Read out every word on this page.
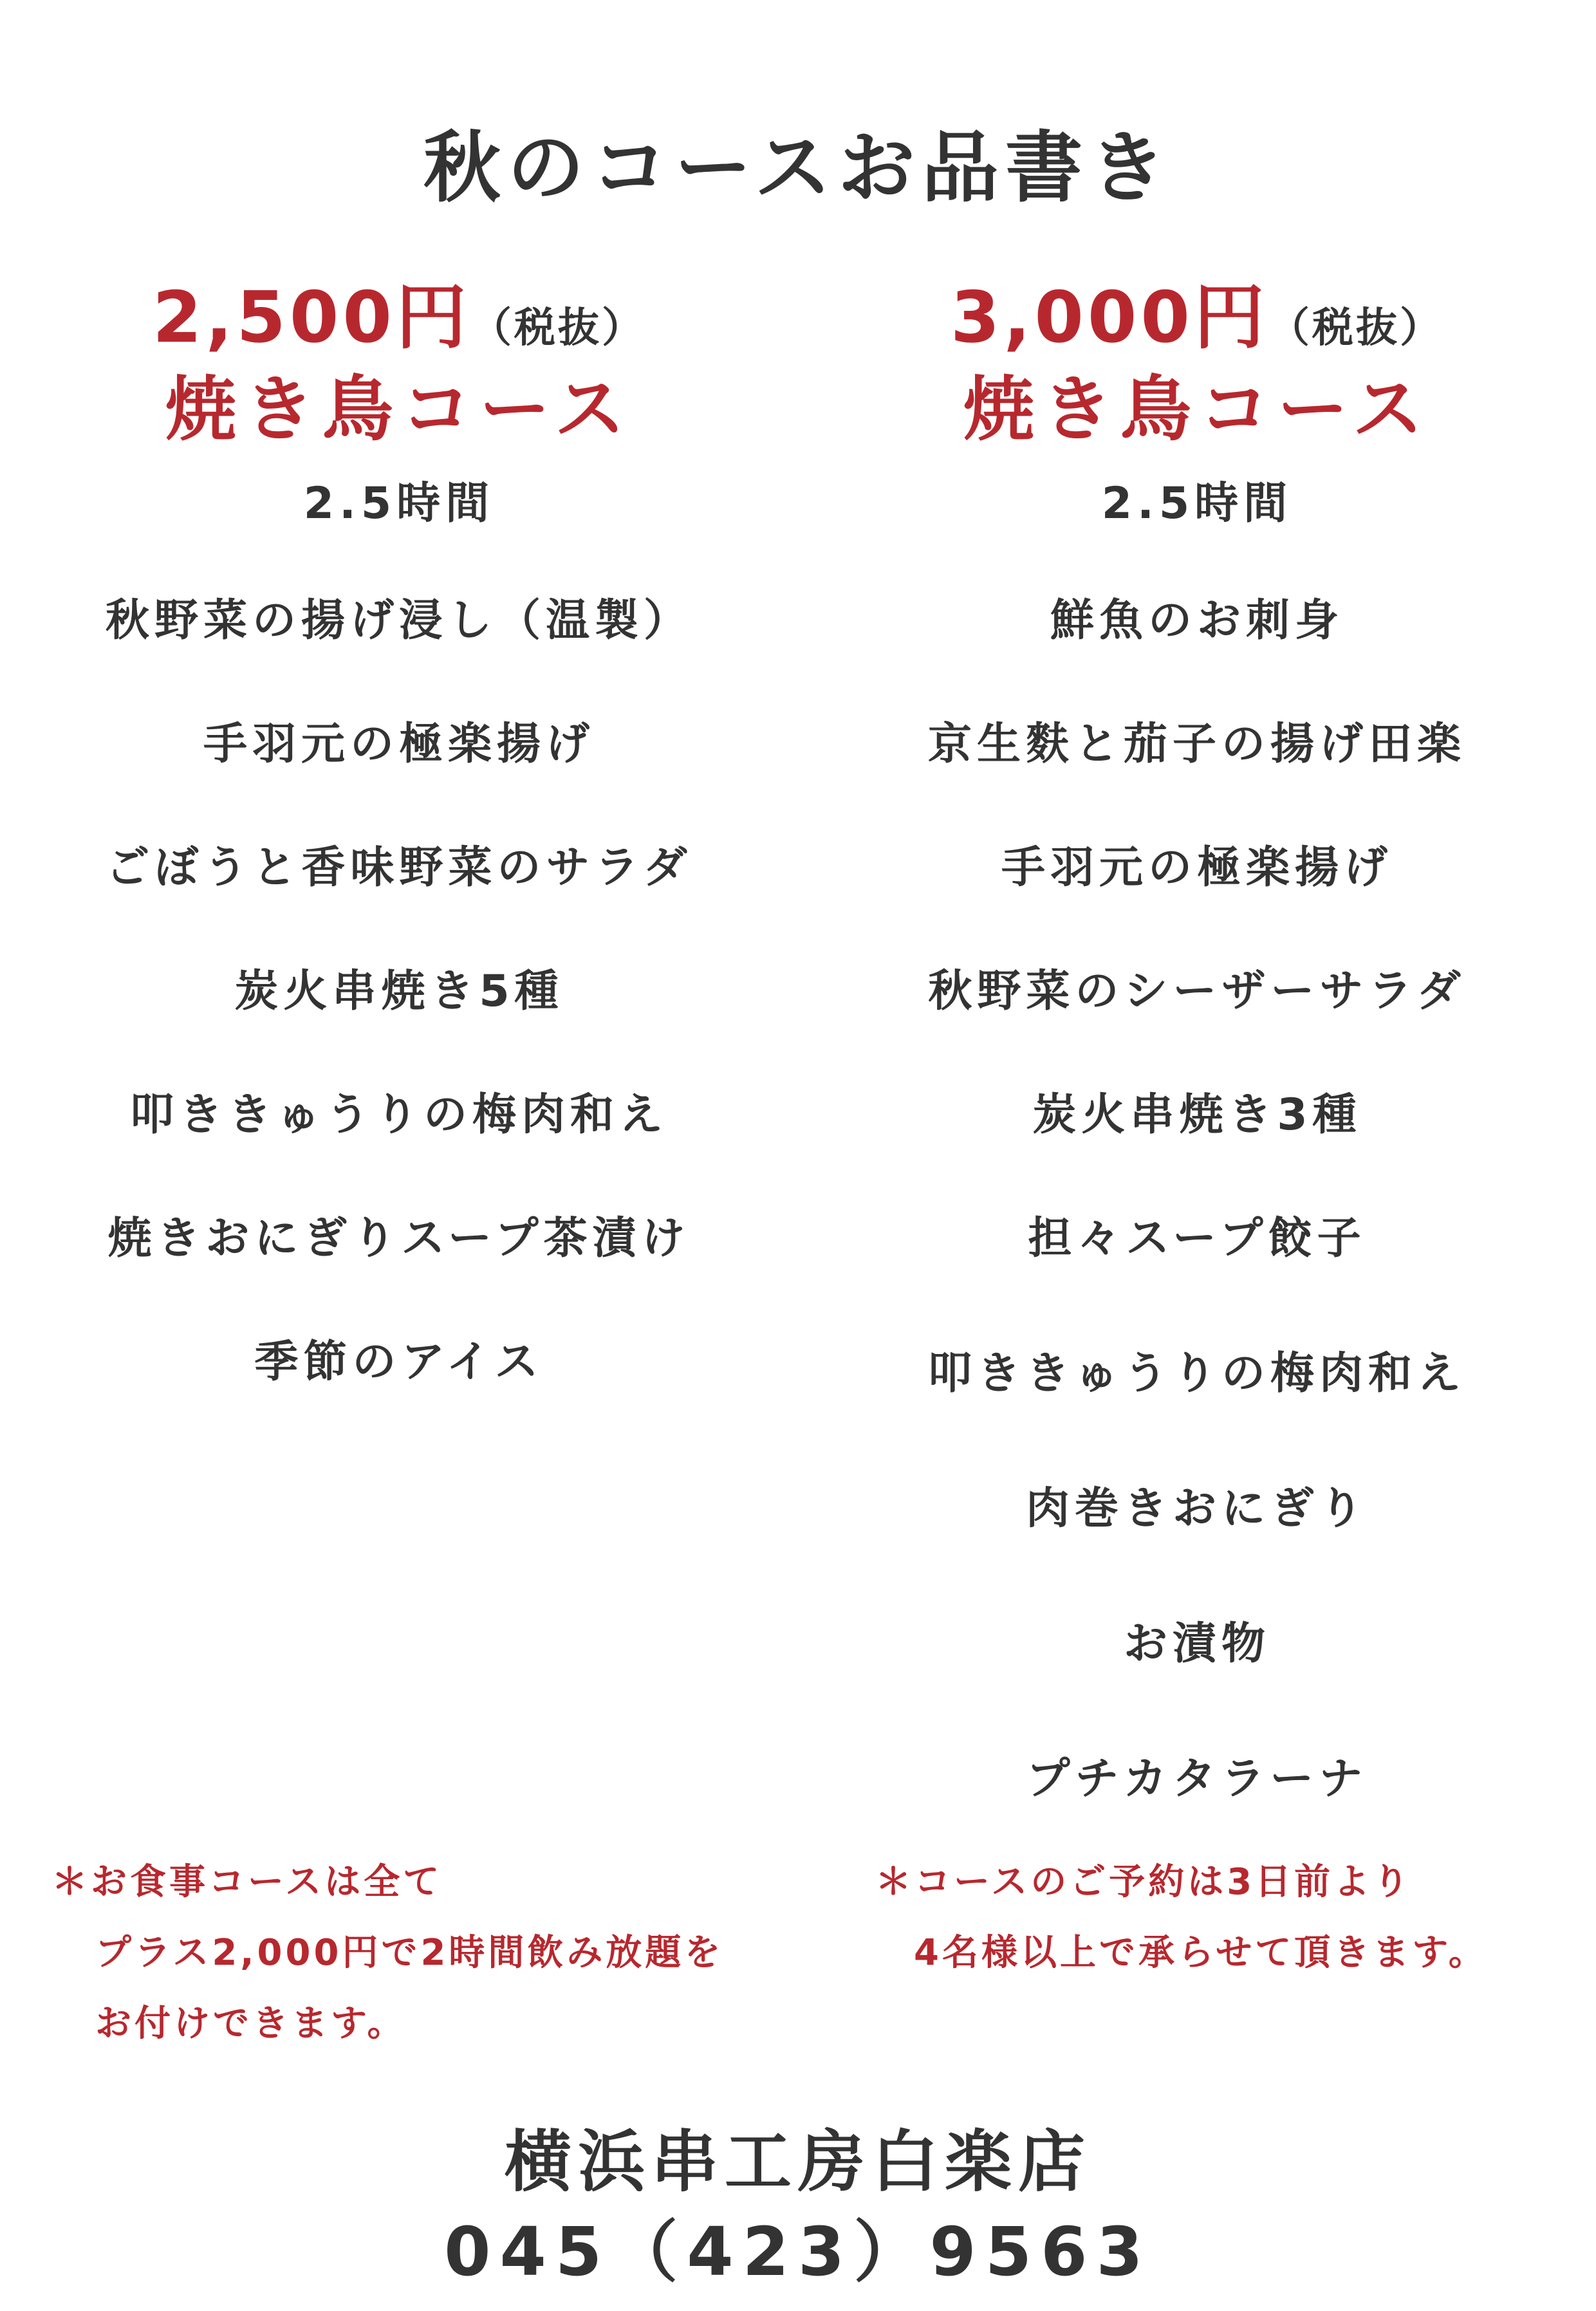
秋のコースお品書き
2,500円（税抜）
焼き鳥コース
2.5時間
秋野菜の揚げ浸し（温製）
手羽元の極楽揚げ
ごぼうと香味野菜のサラダ
炭火串焼き5種
叩ききゅうりの梅肉和え
焼きおにぎりスープ茶漬け
季節のアイス
3,000円（税抜）
焼き鳥コース
2.5時間
鮮魚のお刺身
京生麩と茄子の揚げ田楽
手羽元の極楽揚げ
秋野菜のシーザーサラダ
炭火串焼き3種
担々スープ餃子
叩ききゅうりの梅肉和え
肉巻きおにぎり
お漬物
プチカタラーナ
＊お食事コースは全て
プラス2,000円で2時間飲み放題を
お付けできます。
＊コースのご予約は3日前より
4名様以上で承らせて頂きます。
横浜串工房白楽店
045（423）9563
